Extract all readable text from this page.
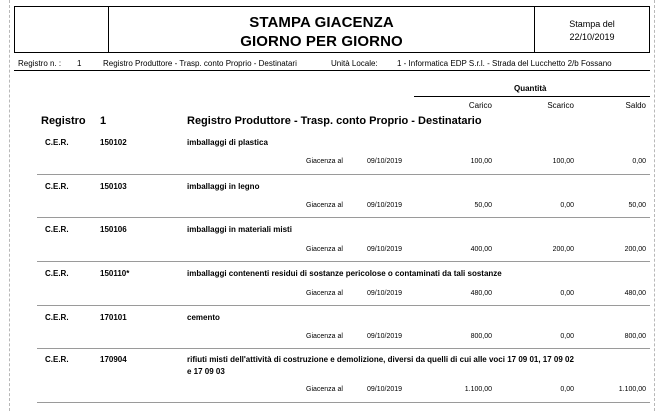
STAMPA GIACENZA
GIORNO PER GIORNO
Stampa del
22/10/2019
Registro n. : 1	Registro Produttore - Trasp. conto Proprio - Destinatari	Unità Locale: 1 - Informatica EDP S.r.l. - Strada del Lucchetto 2/b Fossano
Quantità
Carico	Scarico	Saldo
Registro 1	Registro Produttore - Trasp. conto Proprio - Destinatario
C.E.R.	150102	imballaggi di plastica
Giacenza al	09/10/2019	100,00	100,00	0,00
C.E.R.	150103	imballaggi in legno
Giacenza al	09/10/2019	50,00	0,00	50,00
C.E.R.	150106	imballaggi in materiali misti
Giacenza al	09/10/2019	400,00	200,00	200,00
C.E.R.	150110*	imballaggi contenenti residui di sostanze pericolose o contaminati da tali sostanze
Giacenza al	09/10/2019	480,00	0,00	480,00
C.E.R.	170101	cemento
Giacenza al	09/10/2019	800,00	0,00	800,00
C.E.R.	170904	rifiuti misti dell'attività di costruzione e demolizione, diversi da quelli di cui alle voci 17 09 01, 17 09 02
e 17 09 03
Giacenza al	09/10/2019	1.100,00	0,00	1.100,00
